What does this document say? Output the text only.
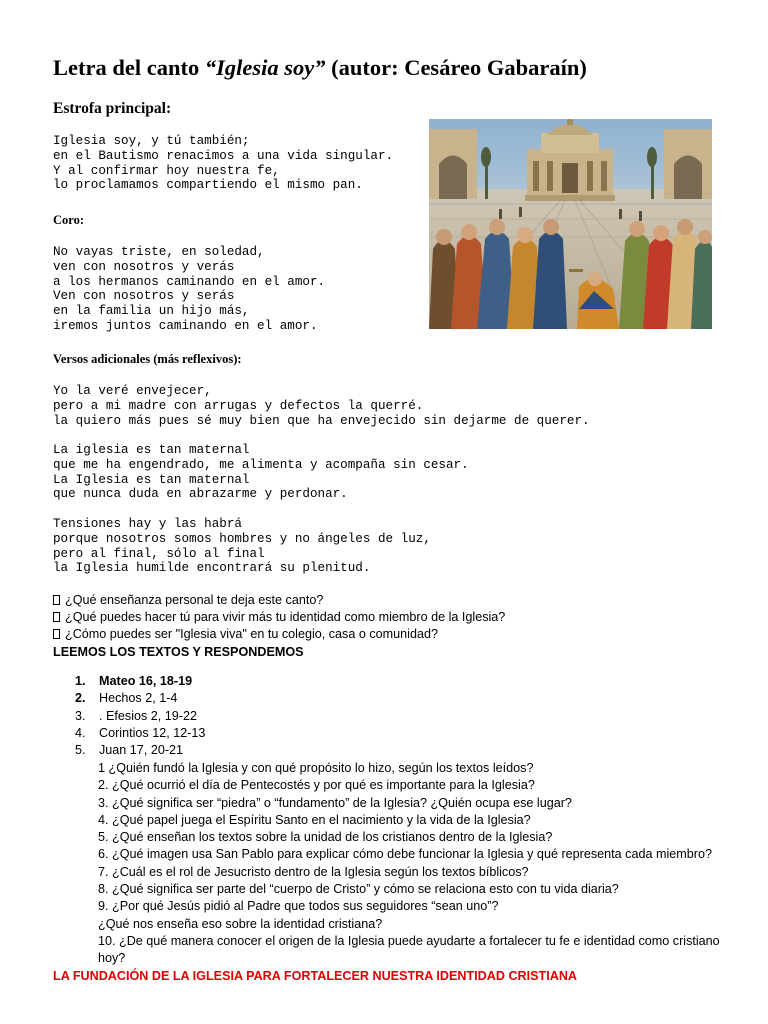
Letra del canto “Iglesia soy” (autor: Cesáreo Gabaraín)
Estrofa principal:
Iglesia soy, y tú también;
en el Bautismo renacimos a una vida singular.
Y al confirmar hoy nuestra fe,
lo proclamamos compartiendo el mismo pan.
Coro:
No vayas triste, en soledad,
ven con nosotros y verás
a los hermanos caminando en el amor.
Ven con nosotros y serás
en la familia un hijo más,
iremos juntos caminando en el amor.
Versos adicionales (más reflexivos):
Yo la veré envejecer,
pero a mi madre con arrugas y defectos la querré.
la quiero más pues sé muy bien que ha envejecido sin dejarme de querer.
La iglesia es tan maternal
que me ha engendrado, me alimenta y acompaña sin cesar.
La Iglesia es tan maternal
que nunca duda en abrazarme y perdonar.
Tensiones hay y las habrá
porque nosotros somos hombres y no ángeles de luz,
pero al final, sólo al final
la Iglesia humilde encontrará su plenitud.
¿Qué enseñanza personal te deja este canto?
¿Qué puedes hacer tú para vivir más tu identidad como miembro de la Iglesia?
¿Cómo puedes ser "Iglesia viva" en tu colegio, casa o comunidad?
LEEMOS LOS TEXTOS Y RESPONDEMOS
1.	Mateo 16, 18-19
2.	Hechos 2, 1-4
3.	. Efesios 2, 19-22
4.	Corintios 12, 12-13
5.	Juan 17, 20-21
1 ¿Quién fundó la Iglesia y con qué propósito lo hizo, según los textos leídos?
2. ¿Qué ocurrió el día de Pentecostés y por qué es importante para la Iglesia?
3. ¿Qué significa ser “piedra” o “fundamento” de la Iglesia? ¿Quién ocupa ese lugar?
4. ¿Qué papel juega el Espíritu Santo en el nacimiento y la vida de la Iglesia?
5. ¿Qué enseñan los textos sobre la unidad de los cristianos dentro de la Iglesia?
6. ¿Qué imagen usa San Pablo para explicar cómo debe funcionar la Iglesia y qué representa cada miembro?
7. ¿Cuál es el rol de Jesucristo dentro de la Iglesia según los textos bíblicos?
8. ¿Qué significa ser parte del “cuerpo de Cristo” y cómo se relaciona esto con tu vida diaria?
9. ¿Por qué Jesús pidió al Padre que todos sus seguidores “sean uno”?
¿Qué nos enseña eso sobre la identidad cristiana?
10. ¿De qué manera conocer el origen de la Iglesia puede ayudarte a fortalecer tu fe e identidad como cristiano hoy?
LA FUNDACIÓN DE LA IGLESIA PARA FORTALECER NUESTRA IDENTIDAD CRISTIANA
